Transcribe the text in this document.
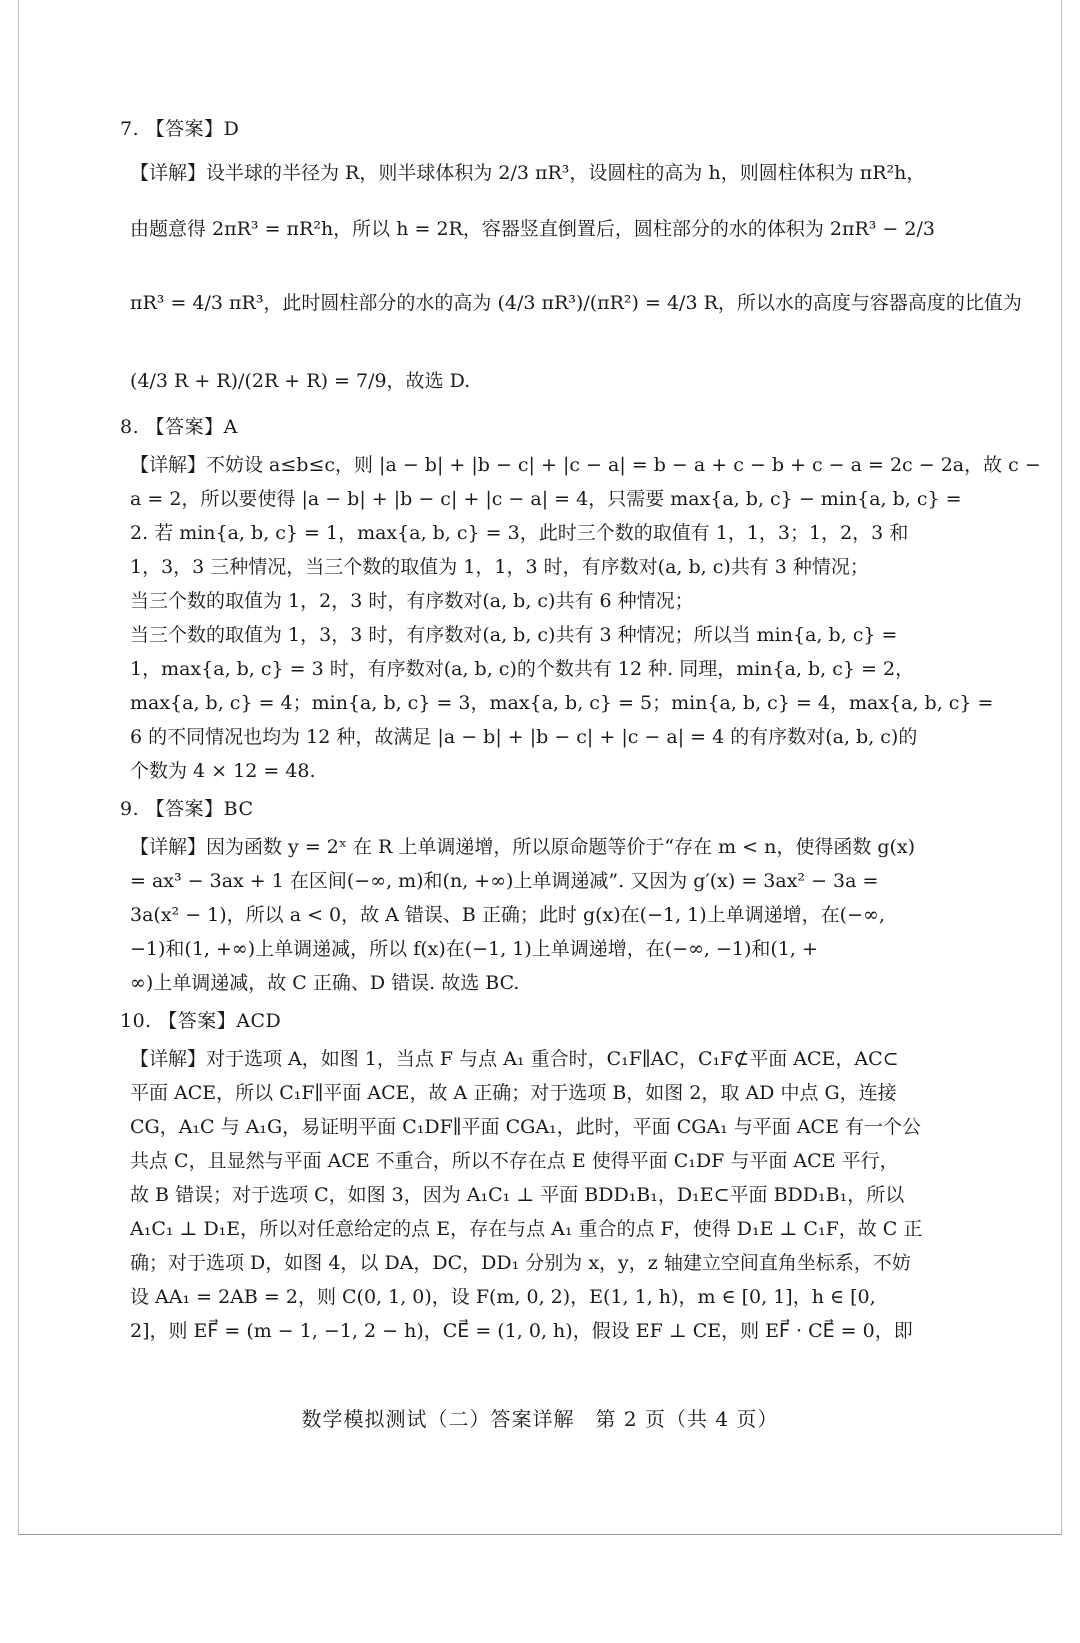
7. 【答案】D
【详解】设半球的半径为 R，则半球体积为 2/3 πR³，设圆柱的高为 h，则圆柱体积为 πR²h，
由题意得 2πR³ = πR²h，所以 h = 2R，容器竖直倒置后，圆柱部分的水的体积为 2πR³ − 2/3
πR³ = 4/3 πR³，此时圆柱部分的水的高为 (4/3 πR³)/(πR²) = 4/3 R，所以水的高度与容器高度的比值为
(4/3 R + R)/(2R + R) = 7/9，故选 D.
8. 【答案】A
【详解】不妨设 a≤b≤c，则 |a − b| + |b − c| + |c − a| = b − a + c − b + c − a = 2c − 2a，故 c −
a = 2，所以要使得 |a − b| + |b − c| + |c − a| = 4，只需要 max{a, b, c} − min{a, b, c} =
2. 若 min{a, b, c} = 1，max{a, b, c} = 3，此时三个数的取值有 1，1，3；1，2，3 和
1，3，3 三种情况，当三个数的取值为 1，1，3 时，有序数对(a, b, c)共有 3 种情况；
当三个数的取值为 1，2，3 时，有序数对(a, b, c)共有 6 种情况；
当三个数的取值为 1，3，3 时，有序数对(a, b, c)共有 3 种情况；所以当 min{a, b, c} =
1，max{a, b, c} = 3 时，有序数对(a, b, c)的个数共有 12 种. 同理，min{a, b, c} = 2，
max{a, b, c} = 4；min{a, b, c} = 3，max{a, b, c} = 5；min{a, b, c} = 4，max{a, b, c} =
6 的不同情况也均为 12 种，故满足 |a − b| + |b − c| + |c − a| = 4 的有序数对(a, b, c)的
个数为 4 × 12 = 48.
9. 【答案】BC
【详解】因为函数 y = 2ˣ 在 R 上单调递增，所以原命题等价于“存在 m < n，使得函数 g(x)
= ax³ − 3ax + 1 在区间(−∞, m)和(n, +∞)上单调递减”. 又因为 g′(x) = 3ax² − 3a =
3a(x² − 1)，所以 a < 0，故 A 错误、B 正确；此时 g(x)在(−1, 1)上单调递增，在(−∞,
−1)和(1, +∞)上单调递减，所以 f(x)在(−1, 1)上单调递增，在(−∞, −1)和(1, +
∞)上单调递减，故 C 正确、D 错误. 故选 BC.
10. 【答案】ACD
【详解】对于选项 A，如图 1，当点 F 与点 A₁ 重合时，C₁F∥AC，C₁F⊄平面 ACE，AC⊂
平面 ACE，所以 C₁F∥平面 ACE，故 A 正确；对于选项 B，如图 2，取 AD 中点 G，连接
CG，A₁C 与 A₁G，易证明平面 C₁DF∥平面 CGA₁，此时，平面 CGA₁ 与平面 ACE 有一个公
共点 C，且显然与平面 ACE 不重合，所以不存在点 E 使得平面 C₁DF 与平面 ACE 平行，
故 B 错误；对于选项 C，如图 3，因为 A₁C₁ ⊥ 平面 BDD₁B₁，D₁E⊂平面 BDD₁B₁，所以
A₁C₁ ⊥ D₁E，所以对任意给定的点 E，存在与点 A₁ 重合的点 F，使得 D₁E ⊥ C₁F，故 C 正
确；对于选项 D，如图 4，以 DA，DC，DD₁ 分别为 x，y，z 轴建立空间直角坐标系，不妨
设 AA₁ = 2AB = 2，则 C(0, 1, 0)，设 F(m, 0, 2)，E(1, 1, h)，m ∈ [0, 1]，h ∈ [0,
2]，则 EF⃗ = (m − 1, −1, 2 − h)，CE⃗ = (1, 0, h)，假设 EF ⊥ CE，则 EF⃗ · CE⃗ = 0，即
数学模拟测试（二）答案详解　第 2 页（共 4 页）
